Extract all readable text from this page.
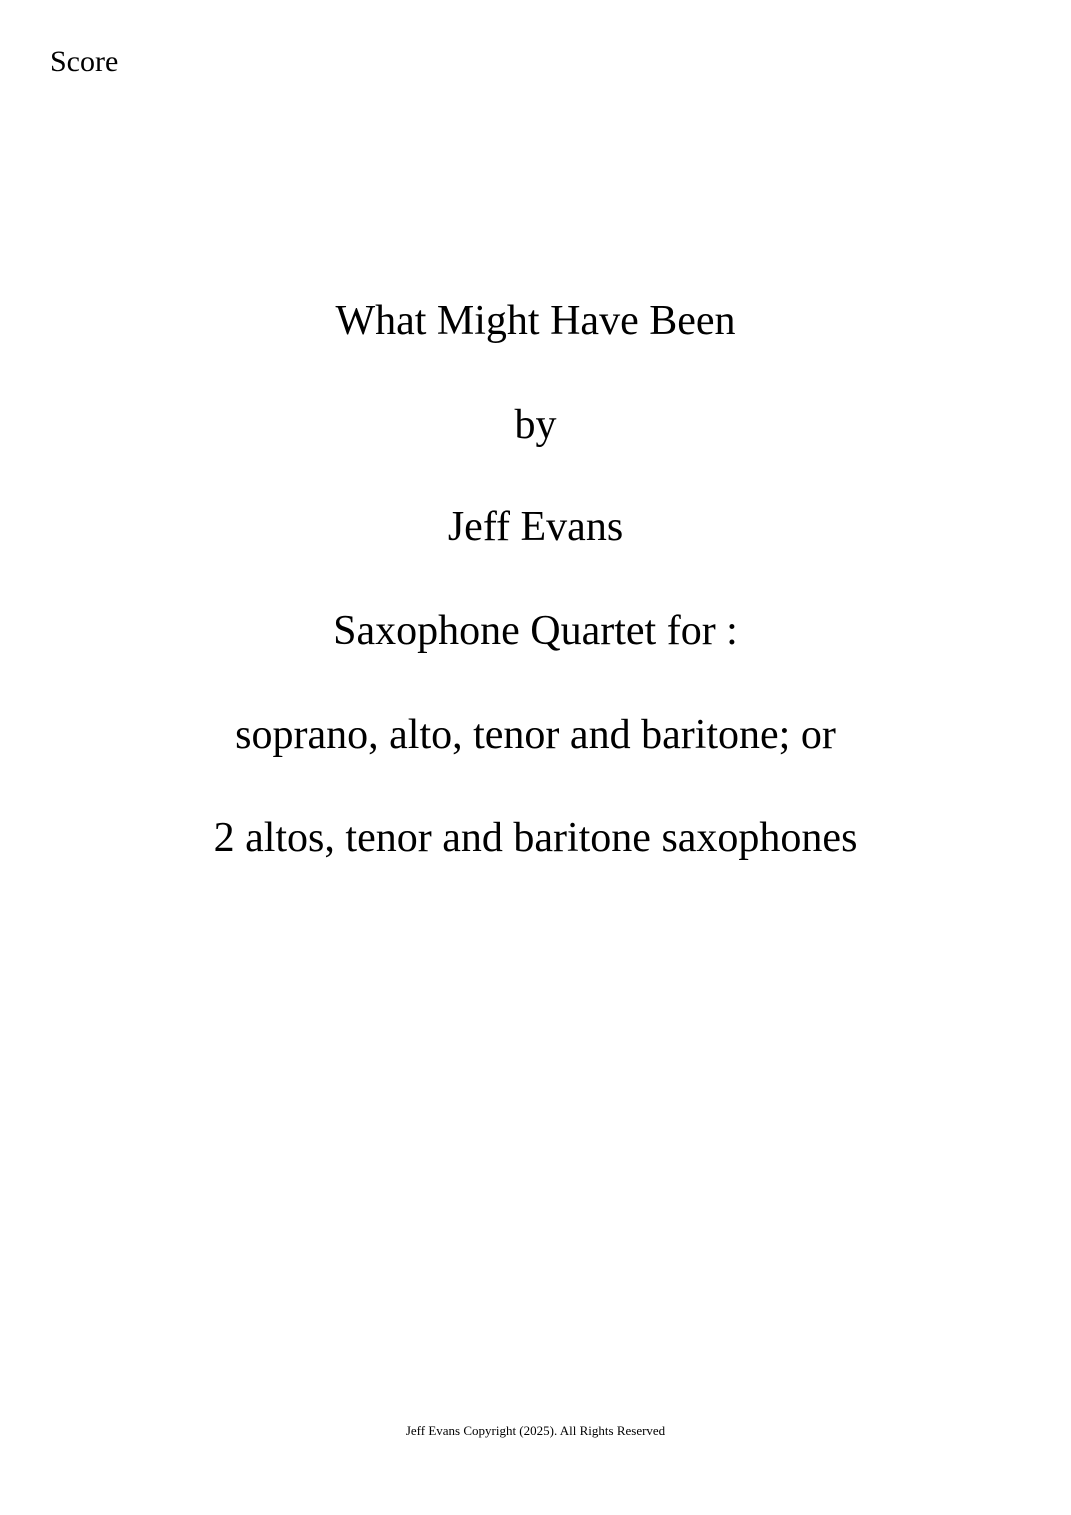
Score
What Might Have Been
by
Jeff Evans
Saxophone Quartet for :
soprano, alto, tenor and baritone; or
2 altos, tenor and baritone saxophones
Jeff Evans Copyright (2025). All Rights Reserved
